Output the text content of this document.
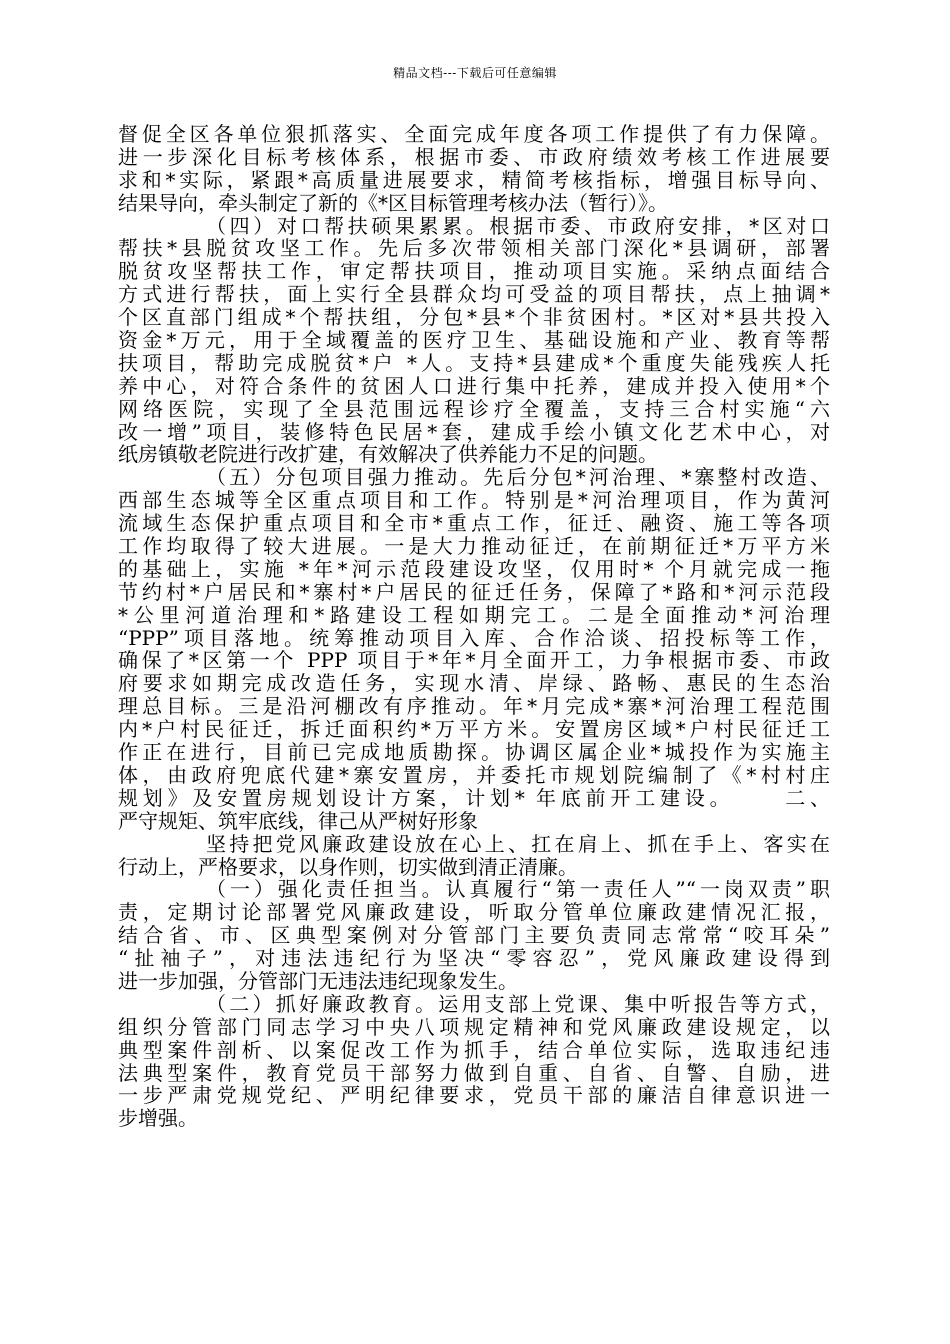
精品文档---下载后可任意编辑
督促全区各单位狠抓落实、全面完成年度各项工作提供了有力保障。
进一步深化目标考核体系，根据市委、市政府绩效考核工作进展要
求和*实际，紧跟*高质量进展要求，精简考核指标，增强目标导向、
结果导向，牵头制定了新的《*区目标管理考核办法（暂行）》。
（四）对口帮扶硕果累累。根据市委、市政府安排，*区对口
帮扶*县脱贫攻坚工作。先后多次带领相关部门深化*县调研，部署
脱贫攻坚帮扶工作，审定帮扶项目，推动项目实施。采纳点面结合
方式进行帮扶，面上实行全县群众均可受益的项目帮扶，点上抽调*
个区直部门组成*个帮扶组，分包*县*个非贫困村。*区对*县共投入
资金*万元，用于全域覆盖的医疗卫生、基础设施和产业、教育等帮
扶项目，帮助完成脱贫*户 *人。支持*县建成*个重度失能残疾人托
养中心，对符合条件的贫困人口进行集中托养，建成并投入使用*个
网络医院，实现了全县范围远程诊疗全覆盖，支持三合村实施“六
改一增”项目，装修特色民居*套，建成手绘小镇文化艺术中心，对
纸房镇敬老院进行改扩建，有效解决了供养能力不足的问题。
（五）分包项目强力推动。先后分包*河治理、*寨整村改造、
西部生态城等全区重点项目和工作。特别是*河治理项目，作为黄河
流域生态保护重点项目和全市*重点工作，征迁、融资、施工等各项
工作均取得了较大进展。一是大力推动征迁，在前期征迁*万平方米
的基础上，实施 *年*河示范段建设攻坚，仅用时* 个月就完成一拖
节约村*户居民和*寨村*户居民的征迁任务，保障了*路和*河示范段
*公里河道治理和*路建设工程如期完工。二是全面推动*河治理
“PPP”项目落地。统筹推动项目入库、合作洽谈、招投标等工作，
确保了*区第一个 PPP 项目于*年*月全面开工，力争根据市委、市政
府要求如期完成改造任务，实现水清、岸绿、路畅、惠民的生态治
理总目标。三是沿河棚改有序推动。年*月完成*寨*河治理工程范围
内*户村民征迁，拆迁面积约*万平方米。安置房区域*户村民征迁工
作正在进行，目前已完成地质勘探。协调区属企业*城投作为实施主
体，由政府兜底代建*寨安置房，并委托市规划院编制了《*村村庄
规划》及安置房规划设计方案，计划* 年底前开工建设。　　 二、
严守规矩、筑牢底线，律己从严树好形象
坚持把党风廉政建设放在心上、扛在肩上、抓在手上、客实在
行动上，严格要求，以身作则，切实做到清正清廉。
（一）强化责任担当。认真履行“第一责任人”“一岗双责”职
责，定期讨论部署党风廉政建设，听取分管单位廉政建情况汇报，
结合省、市、区典型案例对分管部门主要负责同志常常“咬耳朵”
“扯袖子”，对违法违纪行为坚决“零容忍”，党风廉政建设得到
进一步加强，分管部门无违法违纪现象发生。
（二）抓好廉政教育。运用支部上党课、集中听报告等方式，
组织分管部门同志学习中央八项规定精神和党风廉政建设规定，以
典型案件剖析、以案促改工作为抓手，结合单位实际，选取违纪违
法典型案件，教育党员干部努力做到自重、自省、自警、自励，进
一步严肃党规党纪、严明纪律要求，党员干部的廉洁自律意识进一
步增强。
